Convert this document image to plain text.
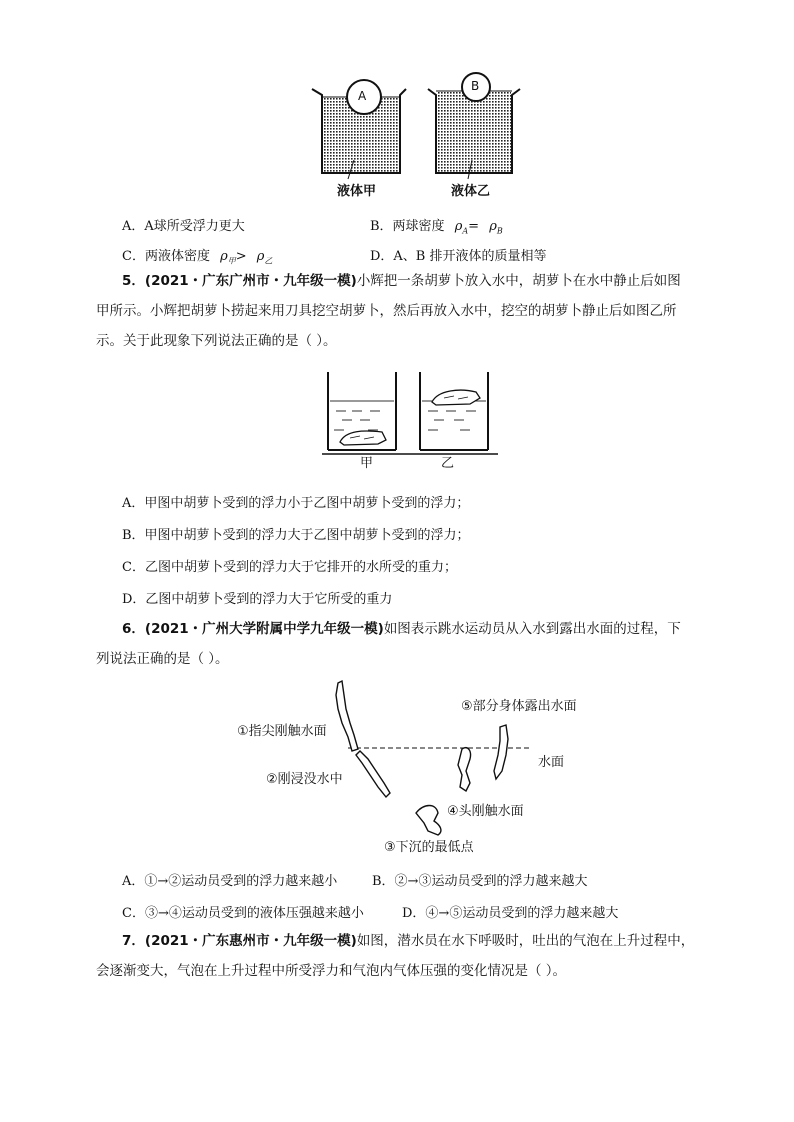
A
B
液体甲	液体乙
A．A球所受浮力更大	B．两球密度 $\rho_A= \rho_B$
C．两液体密度 $\rho_甲> \rho_乙$	D．A、B 排开液体的质量相等
5．(2021・广东广州市・九年级一模)小辉把一条胡萝卜放入水中，胡萝卜在水中静止后如图
甲所示。小辉把胡萝卜捞起来用刀具挖空胡萝卜，然后再放入水中，挖空的胡萝卜静止后如图乙所
示。关于此现象下列说法正确的是（ ）。
甲	乙
A．甲图中胡萝卜受到的浮力小于乙图中胡萝卜受到的浮力；
B．甲图中胡萝卜受到的浮力大于乙图中胡萝卜受到的浮力；
C．乙图中胡萝卜受到的浮力大于它排开的水所受的重力；
D．乙图中胡萝卜受到的浮力大于它所受的重力
6．(2021・广州大学附属中学九年级一模)如图表示跳水运动员从入水到露出水面的过程，下
列说法正确的是（ ）。
①指尖刚触水面
②刚浸没水中
③下沉的最低点
④头刚触水面
⑤部分身体露出水面
水面
A．①→②运动员受到的浮力越来越小	B．②→③运动员受到的浮力越来越大
C．③→④运动员受到的液体压强越来越小	D．④→⑤运动员受到的浮力越来越大
7．(2021・广东惠州市・九年级一模)如图，潜水员在水下呼吸时，吐出的气泡在上升过程中，
会逐渐变大，气泡在上升过程中所受浮力和气泡内气体压强的变化情况是（ ）。
